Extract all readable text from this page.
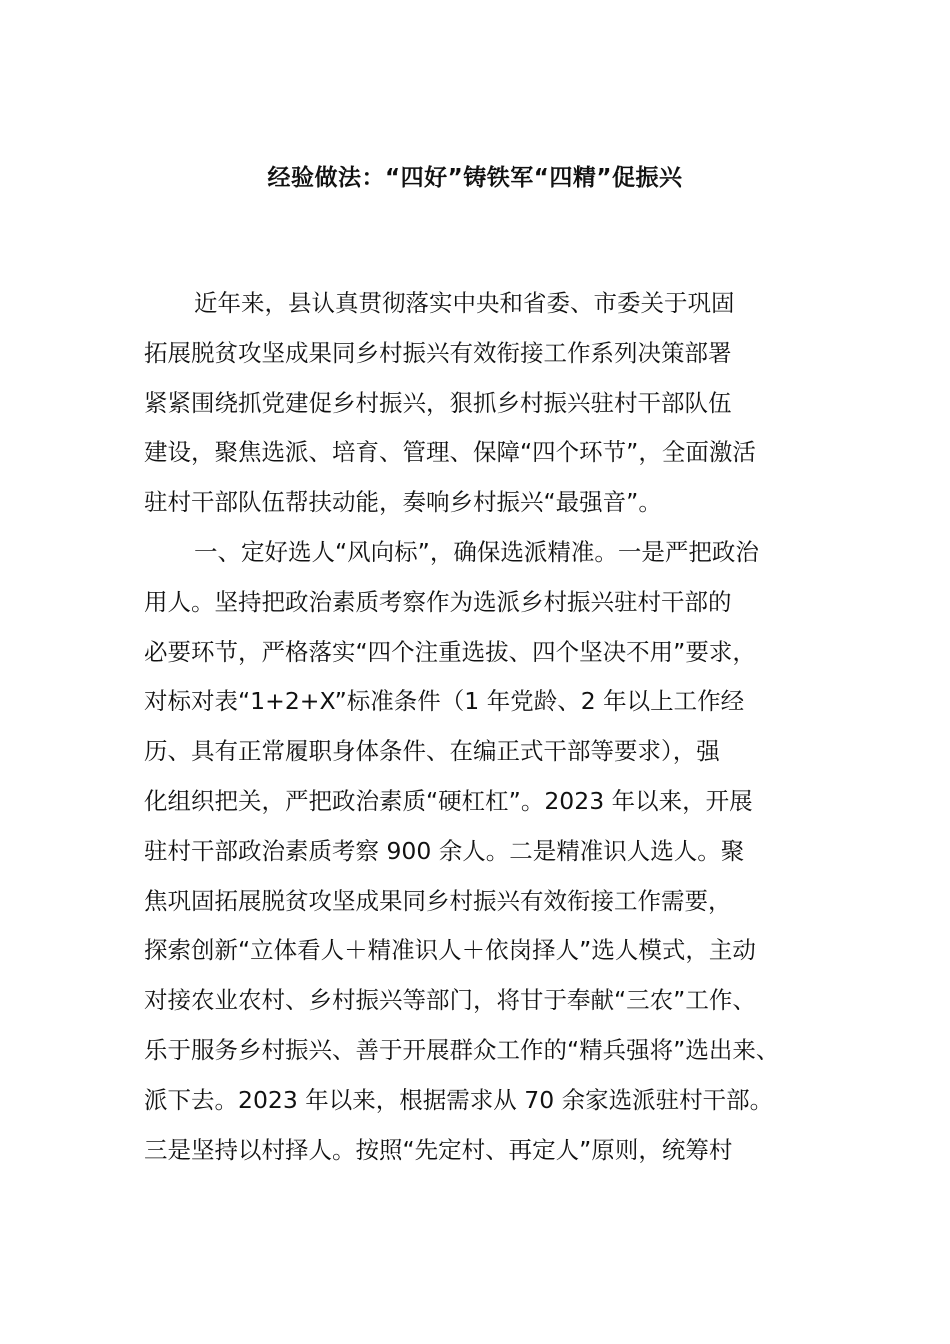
经验做法：“四好”铸铁军“四精”促振兴
近年来，县认真贯彻落实中央和省委、市委关于巩固
拓展脱贫攻坚成果同乡村振兴有效衔接工作系列决策部署
紧紧围绕抓党建促乡村振兴，狠抓乡村振兴驻村干部队伍
建设，聚焦选派、培育、管理、保障“四个环节”，全面激活
驻村干部队伍帮扶动能，奏响乡村振兴“最强音”。
一、定好选人“风向标”，确保选派精准。一是严把政治
用人。坚持把政治素质考察作为选派乡村振兴驻村干部的
必要环节，严格落实“四个注重选拔、四个坚决不用”要求，
对标对表“1+2+X”标准条件（1 年党龄、2 年以上工作经
历、具有正常履职身体条件、在编正式干部等要求），强
化组织把关，严把政治素质“硬杠杠”。2023 年以来，开展
驻村干部政治素质考察 900 余人。二是精准识人选人。聚
焦巩固拓展脱贫攻坚成果同乡村振兴有效衔接工作需要，
探索创新“立体看人＋精准识人＋依岗择人”选人模式，主动
对接农业农村、乡村振兴等部门，将甘于奉献“三农”工作、
乐于服务乡村振兴、善于开展群众工作的“精兵强将”选出来、
派下去。2023 年以来，根据需求从 70 余家选派驻村干部。
三是坚持以村择人。按照“先定村、再定人”原则，统筹村
